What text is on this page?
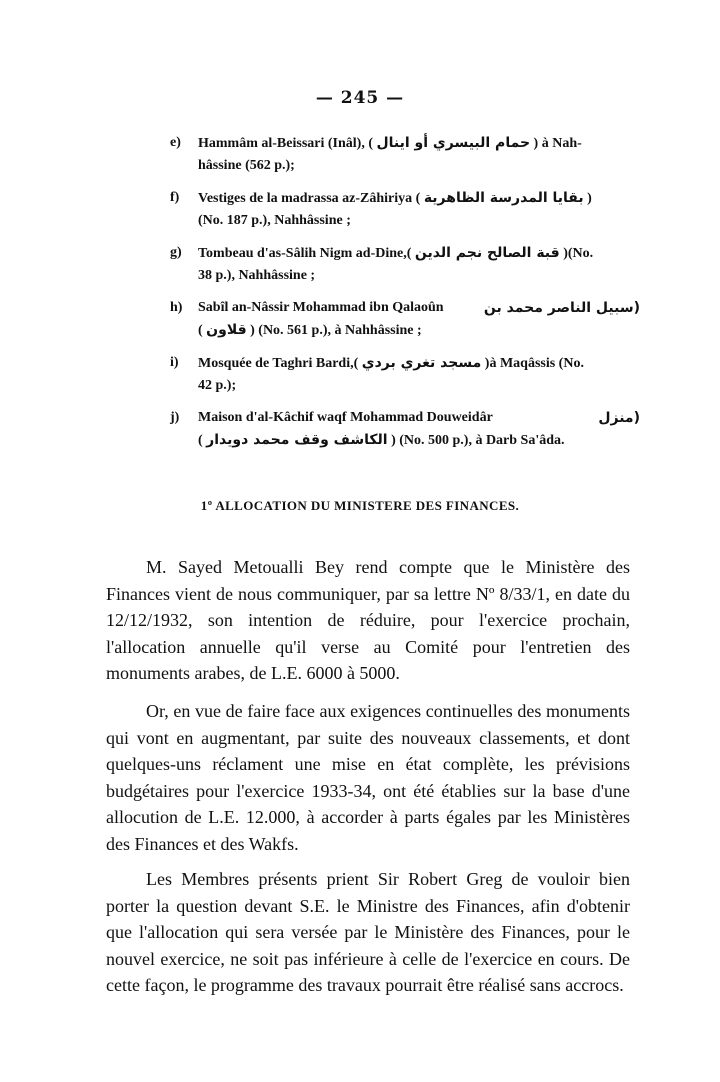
— 245 —
e)	Hammâm al-Beissari (Inâl), ( حمام البيسري أو اينال ) à Nah-
hâssine (562 p.);
f)	Vestiges de la madrassa az-Zâhiriya ( بقايا المدرسة الظاهرية )
(No. 187 p.), Nahhâssine ;
g)	Tombeau d'as-Sâlih Nigm ad-Dine,( قبة الصالح نجم الدين )(No.
38 p.), Nahhâssine ;
h)	Sabîl an-Nâssir Mohammad ibn Qalaoûn	(سبيل الناصر محمد بن
( قلاون ) (No. 561 p.), à Nahhâssine ;
i)	Mosquée de Taghri Bardi,( مسجد تغري بردي )à Maqâssis (No.
42 p.);
j)	Maison d'al-Kâchif waqf Mohammad Douweidâr	(منزل
( الكاشف وقف محمد دويدار ) (No. 500 p.), à Darb Sa'âda.
1º ALLOCATION DU MINISTERE DES FINANCES.

M. Sayed Metoualli Bey rend compte que le Ministère des Finances vient de nous communiquer, par sa lettre Nº 8/33/1, en date du 12/12/1932, son intention de réduire, pour l'exercice prochain, l'allocation annuelle qu'il verse au Comité pour l'entretien des monuments arabes, de L.E. 6000 à 5000.

Or, en vue de faire face aux exigences continuelles des monuments qui vont en augmentant, par suite des nouveaux classements, et dont quelques-uns réclament une mise en état complète, les prévisions budgétaires pour l'exercice 1933-34, ont été établies sur la base d'une allocution de L.E. 12.000, à accorder à parts égales par les Ministères des Finances et des Wakfs.

Les Membres présents prient Sir Robert Greg de vouloir bien porter la question devant S.E. le Ministre des Finances, afin d'obtenir que l'allocation qui sera versée par le Ministère des Finances, pour le nouvel exercice, ne soit pas inférieure à celle de l'exercice en cours. De cette façon, le programme des travaux pourrait être réalisé sans accrocs.
